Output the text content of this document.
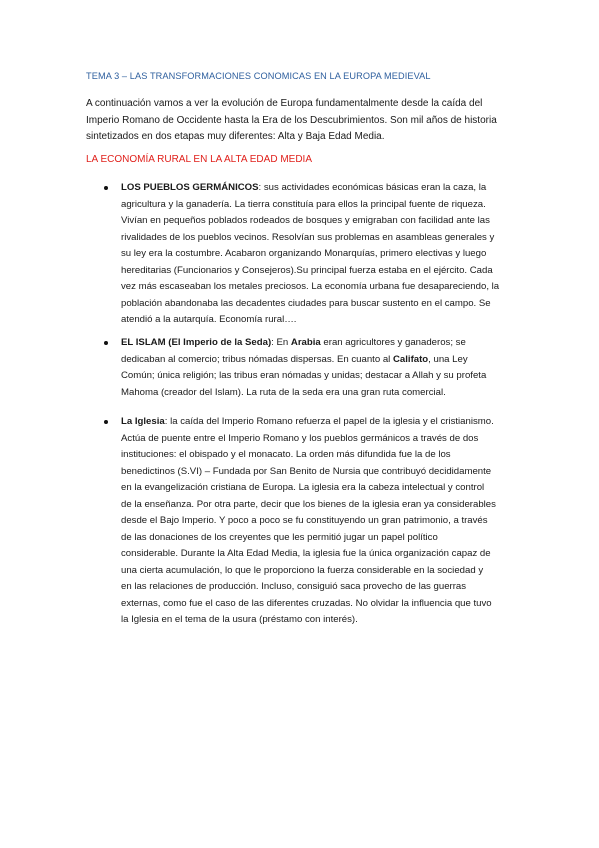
TEMA 3 – LAS TRANSFORMACIONES CONOMICAS EN LA EUROPA MEDIEVAL
A continuación vamos a ver la evolución de Europa fundamentalmente desde la caída del
Imperio Romano de Occidente hasta la Era de los Descubrimientos. Son mil años de historia
sintetizados en dos etapas muy diferentes: Alta y Baja Edad Media.
LA ECONOMÍA RURAL EN LA ALTA EDAD MEDIA
LOS PUEBLOS GERMÁNICOS: sus actividades económicas básicas eran la caza, la
agricultura y la ganadería. La tierra constituía para ellos la principal fuente de riqueza.
Vivían en pequeños poblados rodeados de bosques y emigraban con facilidad ante las
rivalidades de los pueblos vecinos. Resolvían sus problemas en asambleas generales y
su ley era la costumbre. Acabaron organizando Monarquías, primero electivas y luego
hereditarias (Funcionarios y Consejeros).Su principal fuerza estaba en el ejército. Cada
vez más escaseaban los metales preciosos. La economía urbana fue desapareciendo, la
población abandonaba las decadentes ciudades para buscar sustento en el campo. Se
atendió a la autarquía. Economía rural….
EL ISLAM (El Imperio de la Seda): En Arabia eran agricultores y ganaderos; se
dedicaban al comercio; tribus nómadas dispersas. En cuanto al Califato, una Ley
Común; única religión; las tribus eran nómadas y unidas; destacar a Allah y su profeta
Mahoma (creador del Islam). La ruta de la seda era una gran ruta comercial.
La Iglesia: la caída del Imperio Romano refuerza el papel de la iglesia y el cristianismo.
Actúa de puente entre el Imperio Romano y los pueblos germánicos a través de dos
instituciones: el obispado y el monacato. La orden más difundida fue la de los
benedictinos (S.VI) – Fundada por San Benito de Nursia que contribuyó decididamente
en la evangelización cristiana de Europa. La iglesia era la cabeza intelectual y control
de la enseñanza. Por otra parte, decir que los bienes de la iglesia eran ya considerables
desde el Bajo Imperio. Y poco a poco se fu constituyendo un gran patrimonio, a través
de las donaciones de los creyentes que les permitió jugar un papel político
considerable. Durante la Alta Edad Media, la iglesia fue la única organización capaz de
una cierta acumulación, lo que le proporciono la fuerza considerable en la sociedad y
en las relaciones de producción. Incluso, consiguió saca provecho de las guerras
externas, como fue el caso de las diferentes cruzadas. No olvidar la influencia que tuvo
la Iglesia en el tema de la usura (préstamo con interés).
